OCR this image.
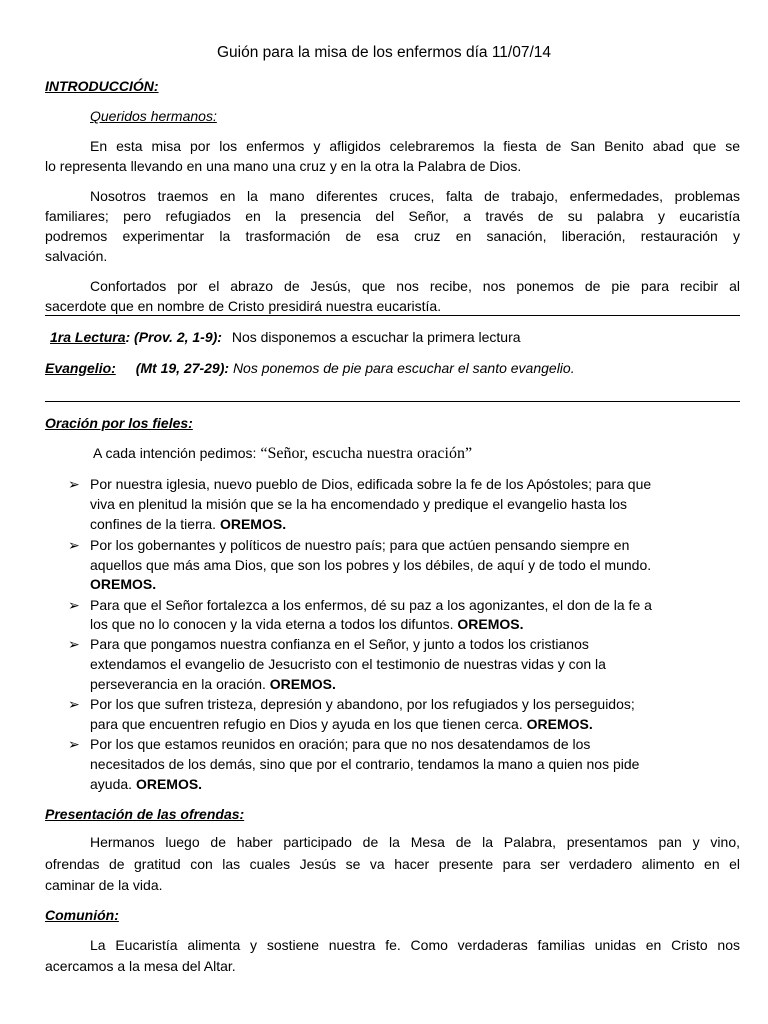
Guión para la misa de los enfermos día 11/07/14
INTRODUCCIÓN:
Queridos hermanos:
En esta misa por los enfermos y afligidos celebraremos la fiesta de San Benito abad que se
lo representa llevando en una mano una cruz y en la otra la Palabra de Dios.
Nosotros traemos en la mano diferentes cruces, falta de trabajo, enfermedades, problemas
familiares; pero refugiados en la presencia del Señor, a través de su palabra y eucaristía
podremos experimentar la trasformación de esa cruz en sanación, liberación, restauración y
salvación.
Confortados por el abrazo de Jesús, que nos recibe, nos ponemos de pie para recibir al
sacerdote que en nombre de Cristo presidirá nuestra eucaristía.
1ra Lectura: (Prov. 2, 1-9): Nos disponemos a escuchar la primera lectura
Evangelio: (Mt 19, 27-29): Nos ponemos de pie para escuchar el santo evangelio.
Oración por los fieles:
A cada intención pedimos: “Señor, escucha nuestra oración”
➢ Por nuestra iglesia, nuevo pueblo de Dios, edificada sobre la fe de los Apóstoles; para que
viva en plenitud la misión que se la ha encomendado y predique el evangelio hasta los
confines de la tierra. OREMOS.
➢ Por los gobernantes y políticos de nuestro país; para que actúen pensando siempre en
aquellos que más ama Dios, que son los pobres y los débiles, de aquí y de todo el mundo.
OREMOS.
➢ Para que el Señor fortalezca a los enfermos, dé su paz a los agonizantes, el don de la fe a
los que no lo conocen y la vida eterna a todos los difuntos. OREMOS.
➢ Para que pongamos nuestra confianza en el Señor, y junto a todos los cristianos
extendamos el evangelio de Jesucristo con el testimonio de nuestras vidas y con la
perseverancia en la oración. OREMOS.
➢ Por los que sufren tristeza, depresión y abandono, por los refugiados y los perseguidos;
para que encuentren refugio en Dios y ayuda en los que tienen cerca. OREMOS.
➢ Por los que estamos reunidos en oración; para que no nos desatendamos de los
necesitados de los demás, sino que por el contrario, tendamos la mano a quien nos pide
ayuda. OREMOS.
Presentación de las ofrendas:
Hermanos luego de haber participado de la Mesa de la Palabra, presentamos pan y vino,
ofrendas de gratitud con las cuales Jesús se va hacer presente para ser verdadero alimento en el
caminar de la vida.
Comunión:
La Eucaristía alimenta y sostiene nuestra fe. Como verdaderas familias unidas en Cristo nos
acercamos a la mesa del Altar.
